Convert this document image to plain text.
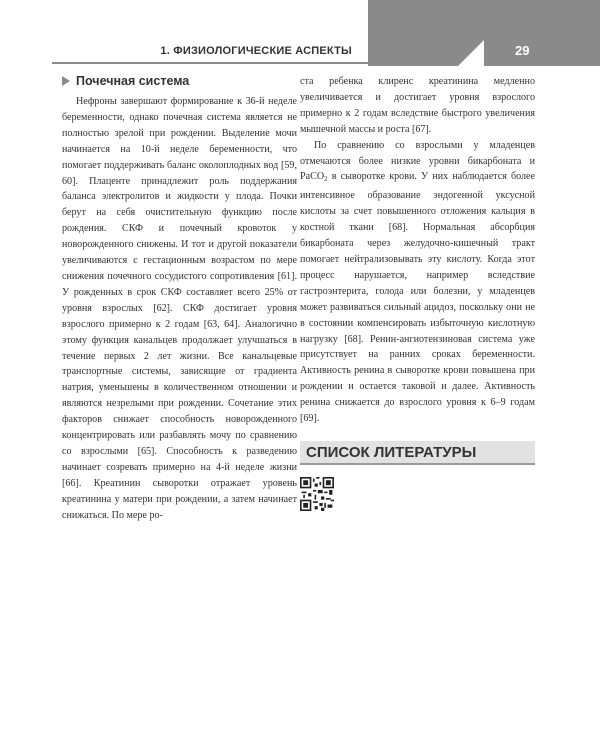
1. ФИЗИОЛОГИЧЕСКИЕ АСПЕКТЫ	29
Почечная система

Нефроны завершают формирование к 36-й неделе беременности, однако почечная система является не полностью зрелой при рождении. Выделение мочи начинается на 10-й неделе беременности, что помогает поддерживать баланс околоплодных вод [59, 60]. Плаценте принадлежит роль поддержания баланса электролитов и жидкости у плода. Почки берут на себя очистительную функцию после рождения. СКФ и почечный кровоток у новорожденного снижены. И тот и другой показатели увеличиваются с гестационным возрастом по мере снижения почечного сосудистого сопротивления [61]. У рожденных в срок СКФ составляет всего 25% от уровня взрослых [62]. СКФ достигает уровня взрослого примерно к 2 годам [63, 64]. Аналогично этому функция канальцев продолжает улучшаться в течение первых 2 лет жизни. Все канальцевые транспортные системы, зависящие от градиента натрия, уменьшены в количественном отношении и являются незрелыми при рождении. Сочетание этих факторов снижает способность новорожденного концентрировать или разбавлять мочу по сравнению со взрослыми [65]. Способность к разведению начинает созревать примерно на 4-й неделе жизни [66]. Креатинин сыворотки отражает уровень креатинина у матери при рождении, а затем начинает снижаться. По мере ро-

ста ребенка клиренс креатинина медленно увеличивается и достигает уровня взрослого примерно к 2 годам вследствие быстрого увеличения мышечной массы и роста [67].

По сравнению со взрослыми у младенцев отмечаются более низкие уровни бикарбоната и PaCO$_2$ в сыворотке крови. У них наблюдается более интенсивное образование эндогенной уксусной кислоты за счет повышенного отложения кальция в костной ткани [68]. Нормальная абсорбция бикарбоната через желудочно-кишечный тракт помогает нейтрализовывать эту кислоту. Когда этот процесс нарушается, например вследствие гастроэнтерита, голода или болезни, у младенцев может развиваться сильный ацидоз, поскольку они не в состоянии компенсировать избыточную кислотную нагрузку [68]. Ренин-ангиотензиновая система уже присутствует на ранних сроках беременности. Активность ренина в сыворотке крови повышена при рождении и остается таковой и далее. Активность ренина снижается до взрослого уровня к 6–9 годам [69].

СПИСОК ЛИТЕРАТУРЫ
